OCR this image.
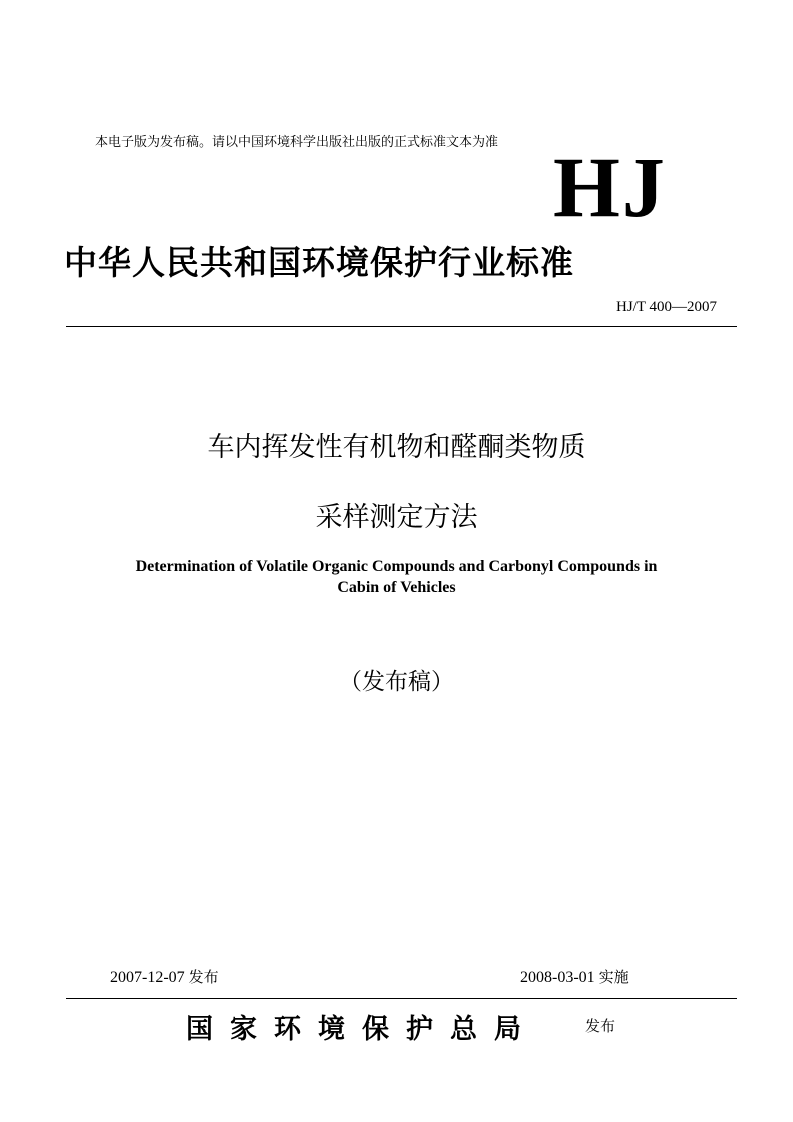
本电子版为发布稿。请以中国环境科学出版社出版的正式标准文本为准 HJ
中华人民共和国环境保护行业标准
HJ/T 400—2007
车内挥发性有机物和醛酮类物质
采样测定方法
Determination of Volatile Organic Compounds and Carbonyl Compounds in
Cabin of Vehicles
（发布稿）
2007-12-07 发布	2008-03-01 实施
国家环境保护总局	发布
